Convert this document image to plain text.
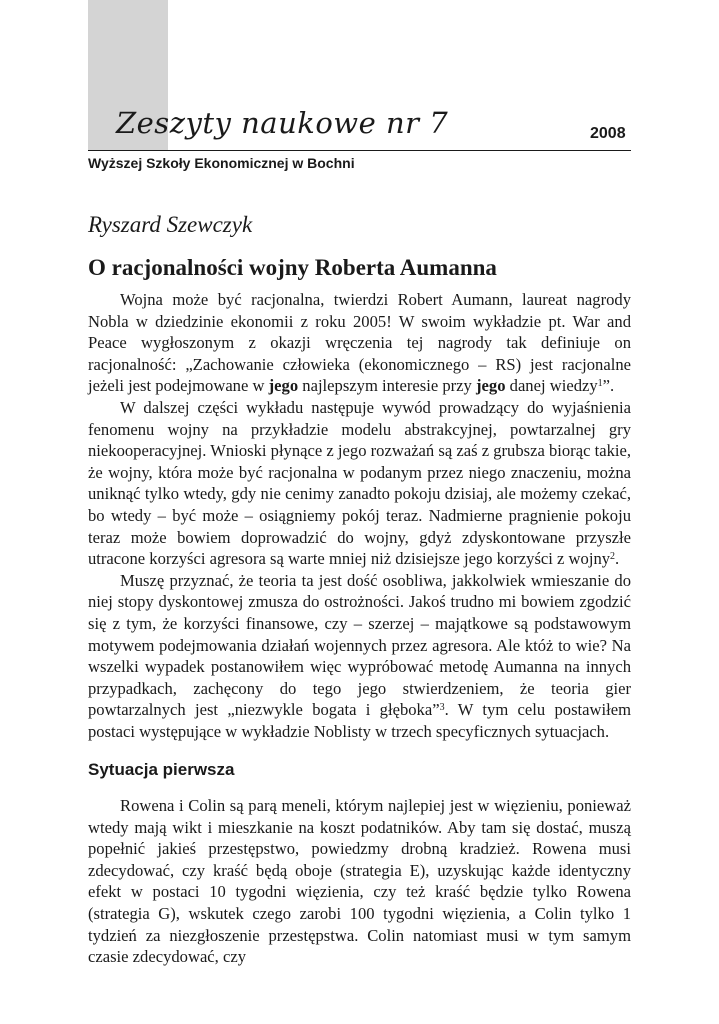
Zeszyty naukowe nr 7	2008
Wyższej Szkoły Ekonomicznej w Bochni
Ryszard Szewczyk
O racjonalności wojny Roberta Aumanna

Wojna może być racjonalna, twierdzi Robert Aumann, laureat nagrody Nobla w dziedzinie ekonomii z roku 2005! W swoim wykładzie pt. War and Peace wygłoszonym z okazji wręczenia tej nagrody tak definiuje on racjonalność: „Zachowanie człowieka (ekonomicznego – RS) jest racjonalne jeżeli jest podejmowane w jego najlepszym interesie przy jego danej wiedzy$^1$”.

W dalszej części wykładu następuje wywód prowadzący do wyjaśnienia fenomenu wojny na przykładzie modelu abstrakcyjnej, powtarzalnej gry niekooperacyjnej. Wnioski płynące z jego rozważań są zaś z grubsza biorąc takie, że wojny, która może być racjonalna w podanym przez niego znaczeniu, można uniknąć tylko wtedy, gdy nie cenimy zanadto pokoju dzisiaj, ale możemy czekać, bo wtedy – być może – osiągniemy pokój teraz. Nadmierne pragnienie pokoju teraz może bowiem doprowadzić do wojny, gdyż zdyskontowane przyszłe utracone korzyści agresora są warte mniej niż dzisiejsze jego korzyści z wojny$^2$.

Muszę przyznać, że teoria ta jest dość osobliwa, jakkolwiek wmieszanie do niej stopy dyskontowej zmusza do ostrożności. Jakoś trudno mi bowiem zgodzić się z tym, że korzyści finansowe, czy – szerzej – majątkowe są podstawowym motywem podejmowania działań wojennych przez agresora. Ale któż to wie? Na wszelki wypadek postanowiłem więc wypróbować metodę Aumanna na innych przypadkach, zachęcony do tego jego stwierdzeniem, że teoria gier powtarzalnych jest „niezwykle bogata i głęboka”$^3$. W tym celu postawiłem postaci występujące w wykładzie Noblisty w trzech specyficznych sytuacjach.

Sytuacja pierwsza

Rowena i Colin są parą meneli, którym najlepiej jest w więzieniu, ponieważ wtedy mają wikt i mieszkanie na koszt podatników. Aby tam się dostać, muszą popełnić jakieś przestępstwo, powiedzmy drobną kradzież. Rowena musi zdecydować, czy kraść będą oboje (strategia E), uzyskując każde identyczny efekt w postaci 10 tygodni więzienia, czy też kraść będzie tylko Rowena (strategia G), wskutek czego zarobi 100 tygodni więzienia, a Colin tylko 1 tydzień za niezgłoszenie przestępstwa. Colin natomiast musi w tym samym czasie zdecydować, czy
